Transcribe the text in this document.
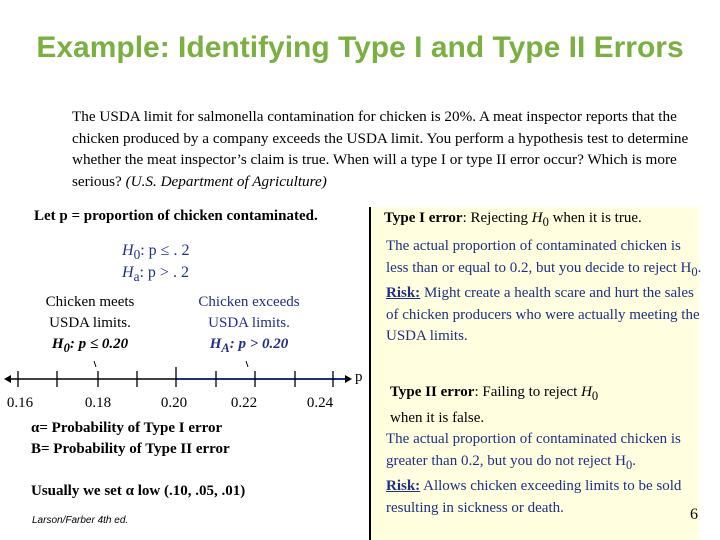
Example: Identifying Type I and Type II Errors
The USDA limit for salmonella contamination for chicken is 20%. A meat inspector reports that the chicken produced by a company exceeds the USDA limit. You perform a hypothesis test to determine whether the meat inspector’s claim is true. When will a type I or type II error occur? Which is more serious? (U.S. Department of Agriculture)
Let p = proportion of chicken contaminated.
$H_0$: p ≤ . 2
$H_a$: p > . 2
Chicken meets
USDA limits.
$H_0$: p ≤ 0.20
Chicken exceeds
USDA limits.
$H_A$: p > 0.20
p
0.16	0.18	0.20	0.22	0.24
α= Probability of Type I error
B= Probability of Type II error
Usually we set α low (.10, .05, .01)
Larson/Farber 4th ed.
Type I error: Rejecting $H_0$ when it is true.
The actual proportion of contaminated chicken is less than or equal to 0.2, but you decide to reject $H_0$.
Risk: Might create a health scare and hurt the sales of chicken producers who were actually meeting the USDA limits.
Type II error: Failing to reject $H_0$
when it is false.
The actual proportion of contaminated chicken is greater than 0.2, but you do not reject $H_0$.
Risk: Allows chicken exceeding limits to be sold resulting in sickness or death.	6
